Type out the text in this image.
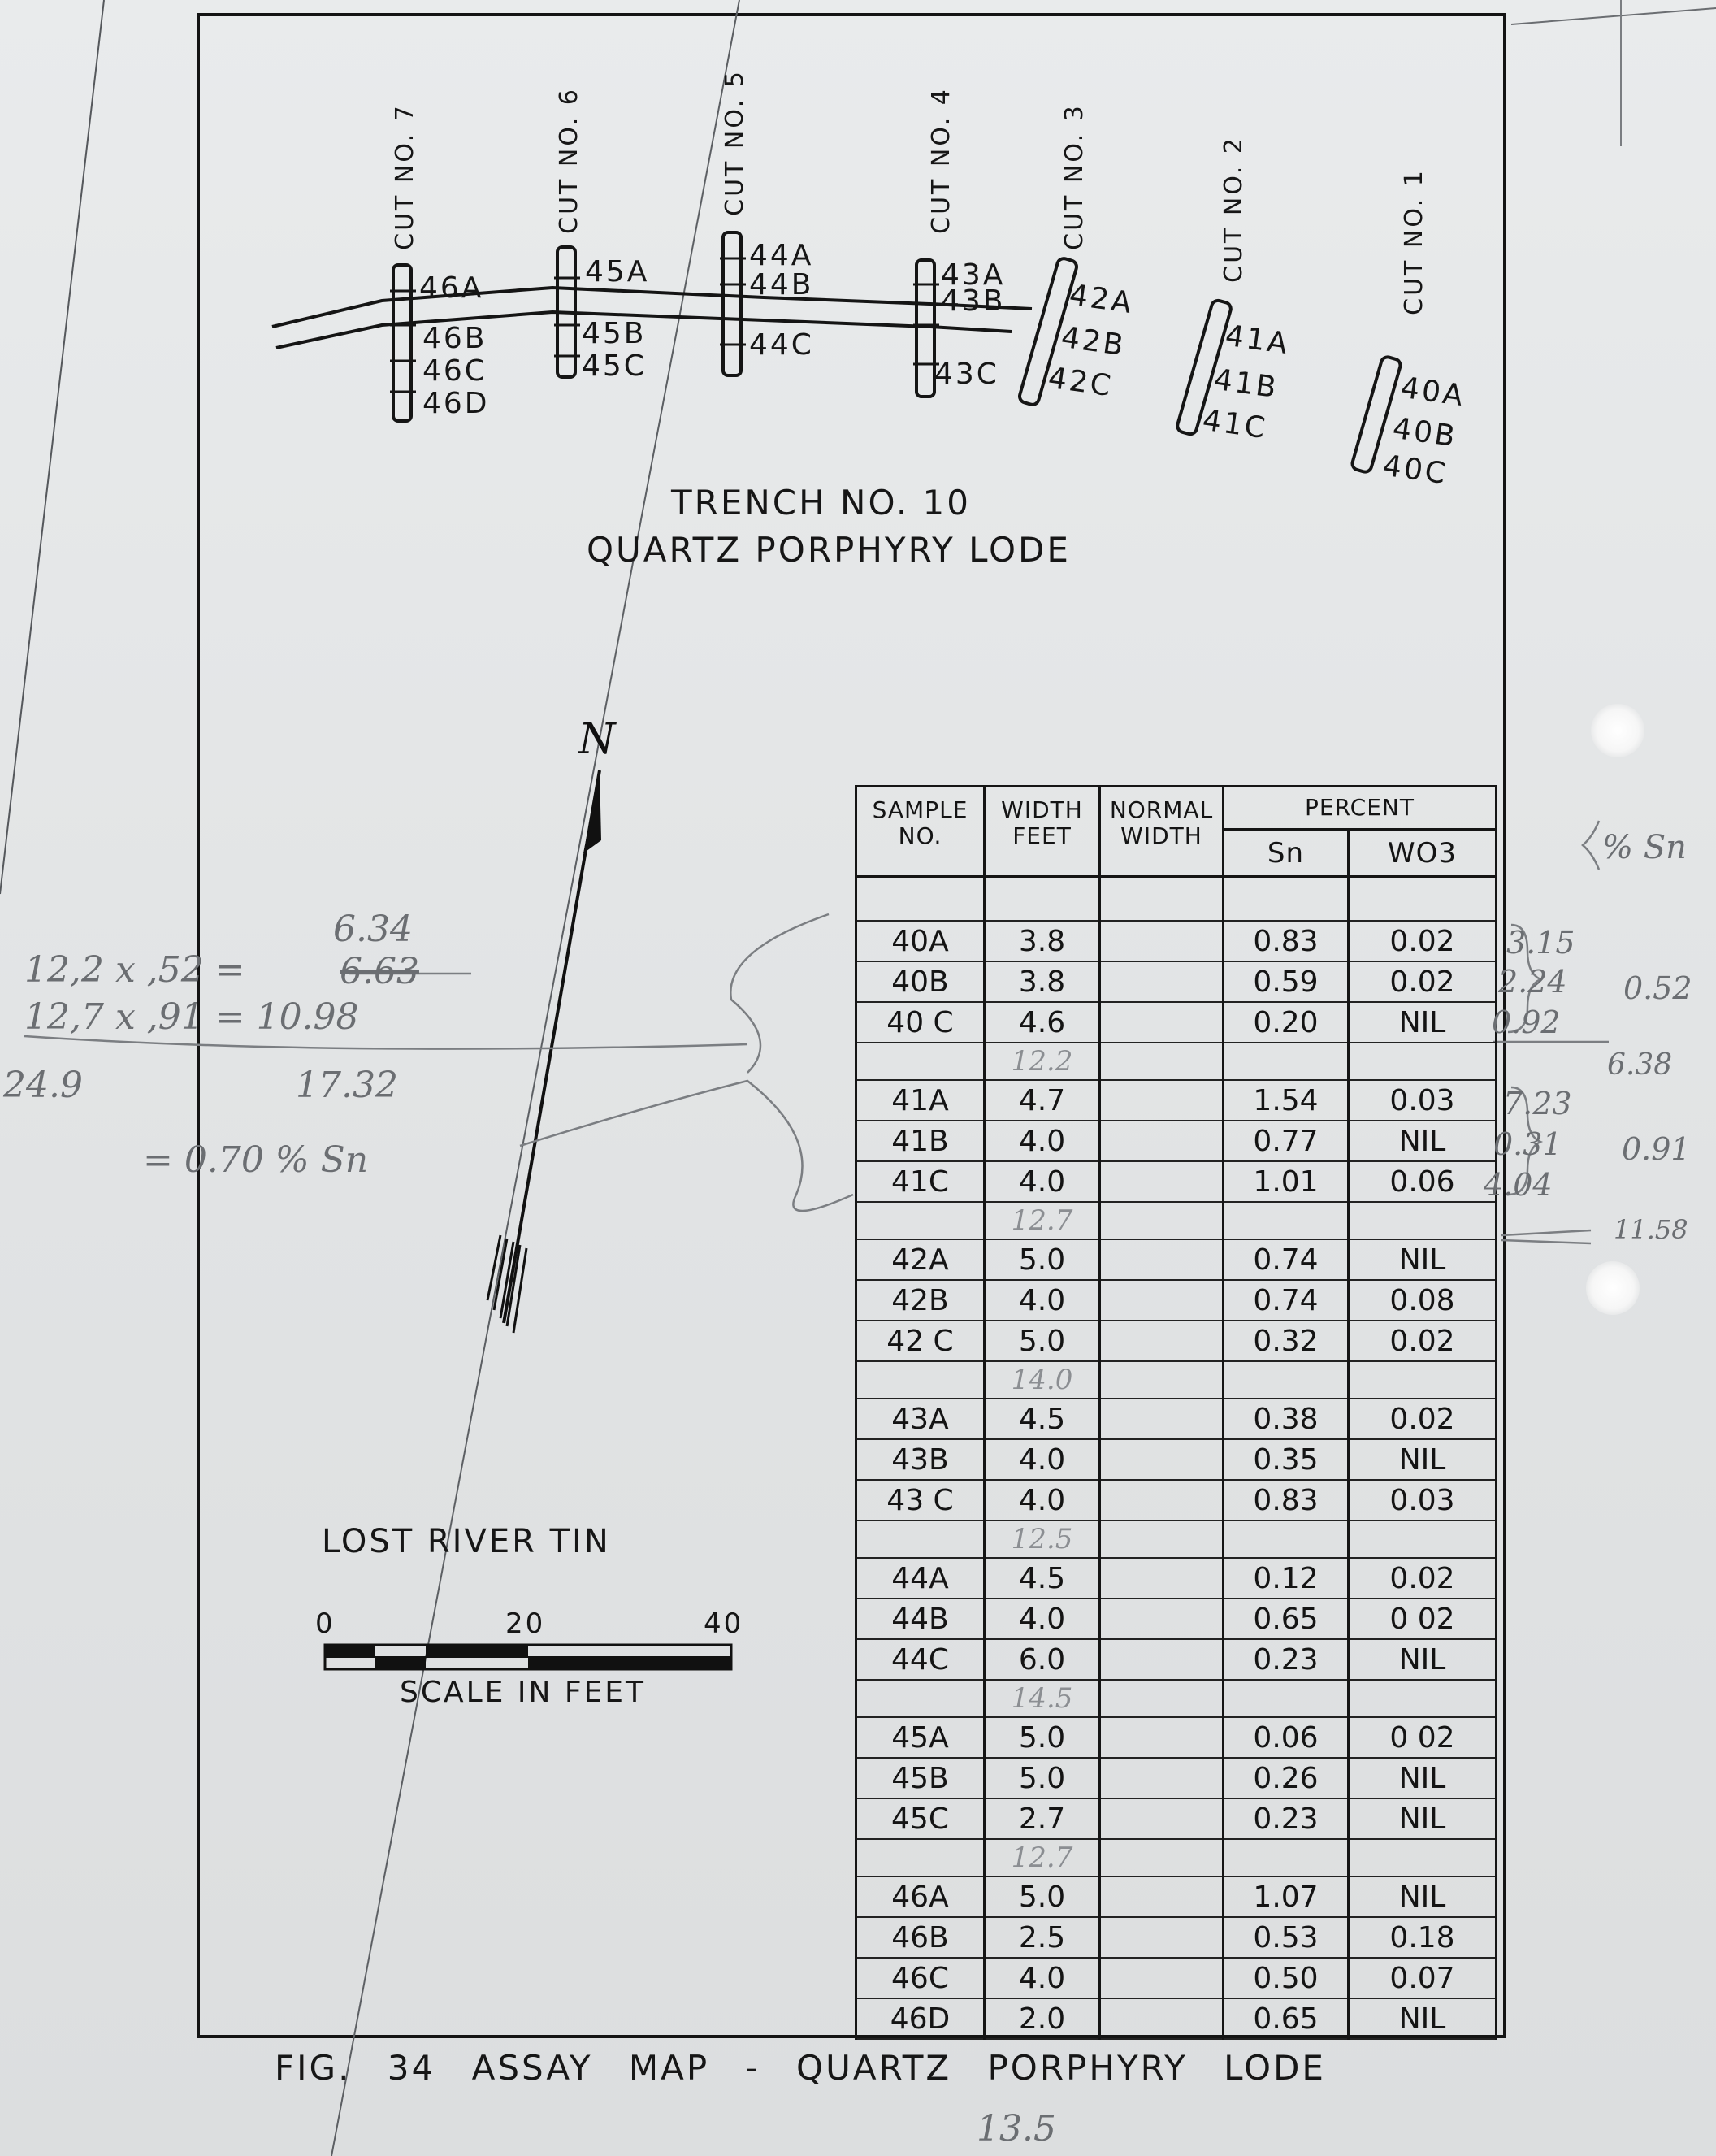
CUT NO. 7	CUT NO. 6	CUT NO. 5	CUT NO. 4	CUT NO. 3	CUT NO. 2	CUT NO. 1
46A
46B
46C
46D
45A
45B
45C
44A
44B
44C
43A
43B
43C
42A
42B
42C
41A
41B
41C
40A
40B
40C
TRENCH NO. 10
QUARTZ PORPHYRY LODE
N
LOST RIVER TIN
0	20	40
SCALE IN FEET
FIG. 34 ASSAY MAP - QUARTZ PORPHYRY LODE
SAMPLE NO.	WIDTH FEET	NORMAL WIDTH	PERCENT	
			Sn	WO3

40A	3.8		0.83	0.02
40B	3.8		0.59	0.02
40 C	4.6		0.20	NIL
	12.2			
41A	4.7		1.54	0.03
41B	4.0		0.77	NIL
41C	4.0		1.01	0.06
	12.7			
42A	5.0		0.74	NIL
42B	4.0		0.74	0.08
42 C	5.0		0.32	0.02
	14.0			
43A	4.5		0.38	0.02
43B	4.0		0.35	NIL
43 C	4.0		0.83	0.03
	12.5			
44A	4.5		0.12	0.02
44B	4.0		0.65	0 02
44C	6.0		0.23	NIL
	14.5			
45A	5.0		0.06	0 02
45B	5.0		0.26	NIL
45C	2.7		0.23	NIL
	12.7			
46A	5.0		1.07	NIL
46B	2.5		0.53	0.18
46C	4.0		0.50	0.07
46D	2.0		0.65	NIL
6.34
12,2 x ,52 =	6.63
12,7 x ,91 = 10.98
24.9	17.32
= 0.70 % Sn
% Sn
3.15
2.24
0.92
0.52
6.38
7.23
0.31
4.04
0.91
11.58
13.5
